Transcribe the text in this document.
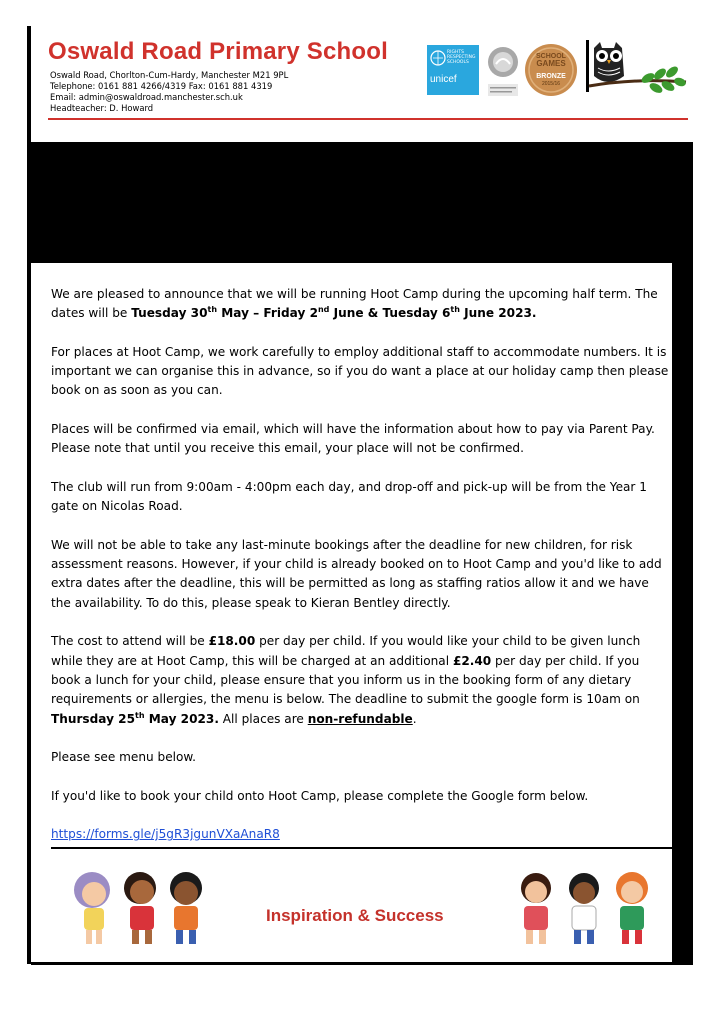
Oswald Road Primary School
Oswald Road, Chorlton-Cum-Hardy, Manchester M21 9PL
Telephone: 0161 881 4266/4319 Fax: 0161 881 4319
Email: admin@oswaldroad.manchester.sch.uk
Headteacher: D. Howard
RIGHTS RESPECTING SCHOOLS
unicef
SCHOOL
GAMES
BRONZE
2015/16

We are pleased to announce that we will be running Hoot Camp during the upcoming half term. The dates will be Tuesday 30th May – Friday 2nd June & Tuesday 6th June 2023.

For places at Hoot Camp, we work carefully to employ additional staff to accommodate numbers. It is important we can organise this in advance, so if you do want a place at our holiday camp then please book on as soon as you can.

Places will be confirmed via email, which will have the information about how to pay via Parent Pay. Please note that until you receive this email, your place will not be confirmed.

The club will run from 9:00am - 4:00pm each day, and drop-off and pick-up will be from the Year 1 gate on Nicolas Road.

We will not be able to take any last-minute bookings after the deadline for new children, for risk assessment reasons. However, if your child is already booked on to Hoot Camp and you'd like to add extra dates after the deadline, this will be permitted as long as staffing ratios allow it and we have the availability. To do this, please speak to Kieran Bentley directly.

The cost to attend will be £18.00 per day per child. If you would like your child to be given lunch while they are at Hoot Camp, this will be charged at an additional £2.40 per day per child. If you book a lunch for your child, please ensure that you inform us in the booking form of any dietary requirements or allergies, the menu is below. The deadline to submit the google form is 10am on Thursday 25th May 2023. All places are non-refundable.

Please see menu below.

If you'd like to book your child onto Hoot Camp, please complete the Google form below.

https://forms.gle/j5gR3jgunVXaAnaR8

Inspiration & Success
